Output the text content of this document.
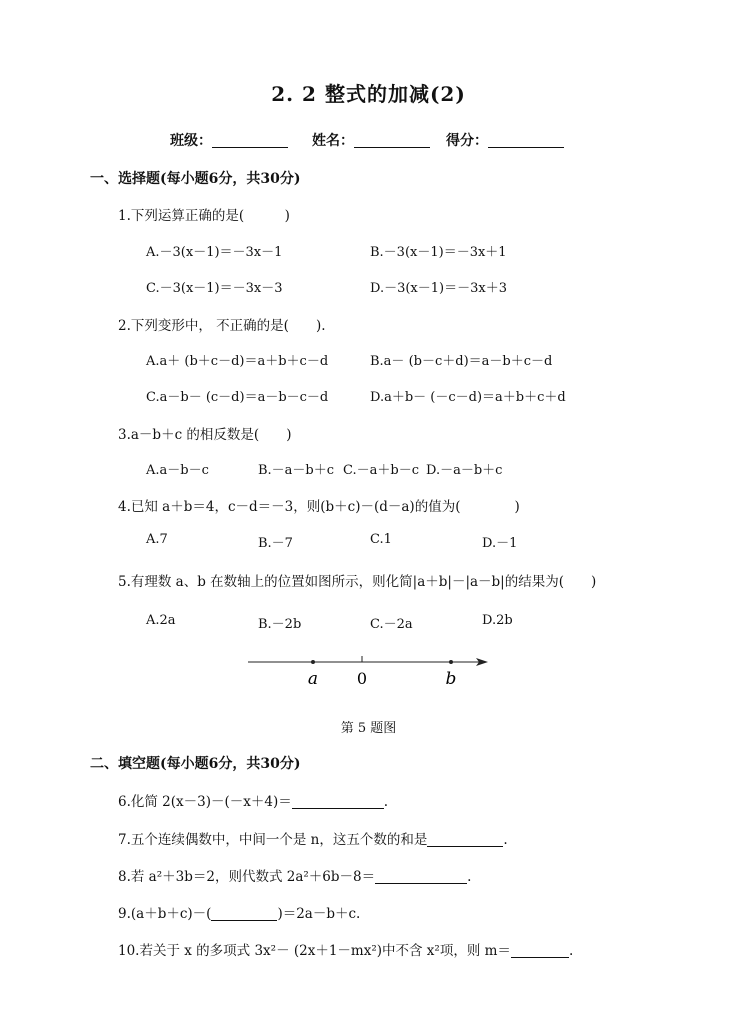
2. 2 整式的加减(2)
班级：	姓名：	得分：
一、选择题(每小题6分，共30分)
1.下列运算正确的是(　　　)
A.－3(x－1)＝－3x－1	B.－3(x－1)＝－3x＋1
C.－3(x－1)＝－3x－3	D.－3(x－1)＝－3x＋3
2.下列变形中， 不正确的是(　　).
A.a＋ (b＋c－d)＝a＋b＋c－d	B.a－ (b－c＋d)＝a－b＋c－d
C.a－b－ (c－d)＝a－b－c－d	D.a＋b－ (－c－d)＝a＋b＋c＋d
3.a－b＋c 的相反数是(　　)
A.a－b－c	B.－a－b＋c C.－a＋b－c D.－a－b＋c
4.已知 a＋b＝4，c－d＝－3，则(b＋c)－(d－a)的值为(　　　　)
A.7	B.－7	C.1	D.－1
5.有理数 a、b 在数轴上的位置如图所示，则化简|a＋b|－|a－b|的结果为(　　)
A.2a	B.－2b	C.－2a	D.2b
a 0	b
第 5 题图
二、填空题(每小题6分，共30分)
6.化简 2(x－3)－(－x＋4)＝	.
7.五个连续偶数中，中间一个是 n，这五个数的和是	.
8.若 a²＋3b＝2，则代数式 2a²＋6b－8＝	.
9.(a＋b＋c)－(	)＝2a－b＋c.
10.若关于 x 的多项式 3x²－ (2x＋1－mx²)中不含 x²项，则 m＝	.
